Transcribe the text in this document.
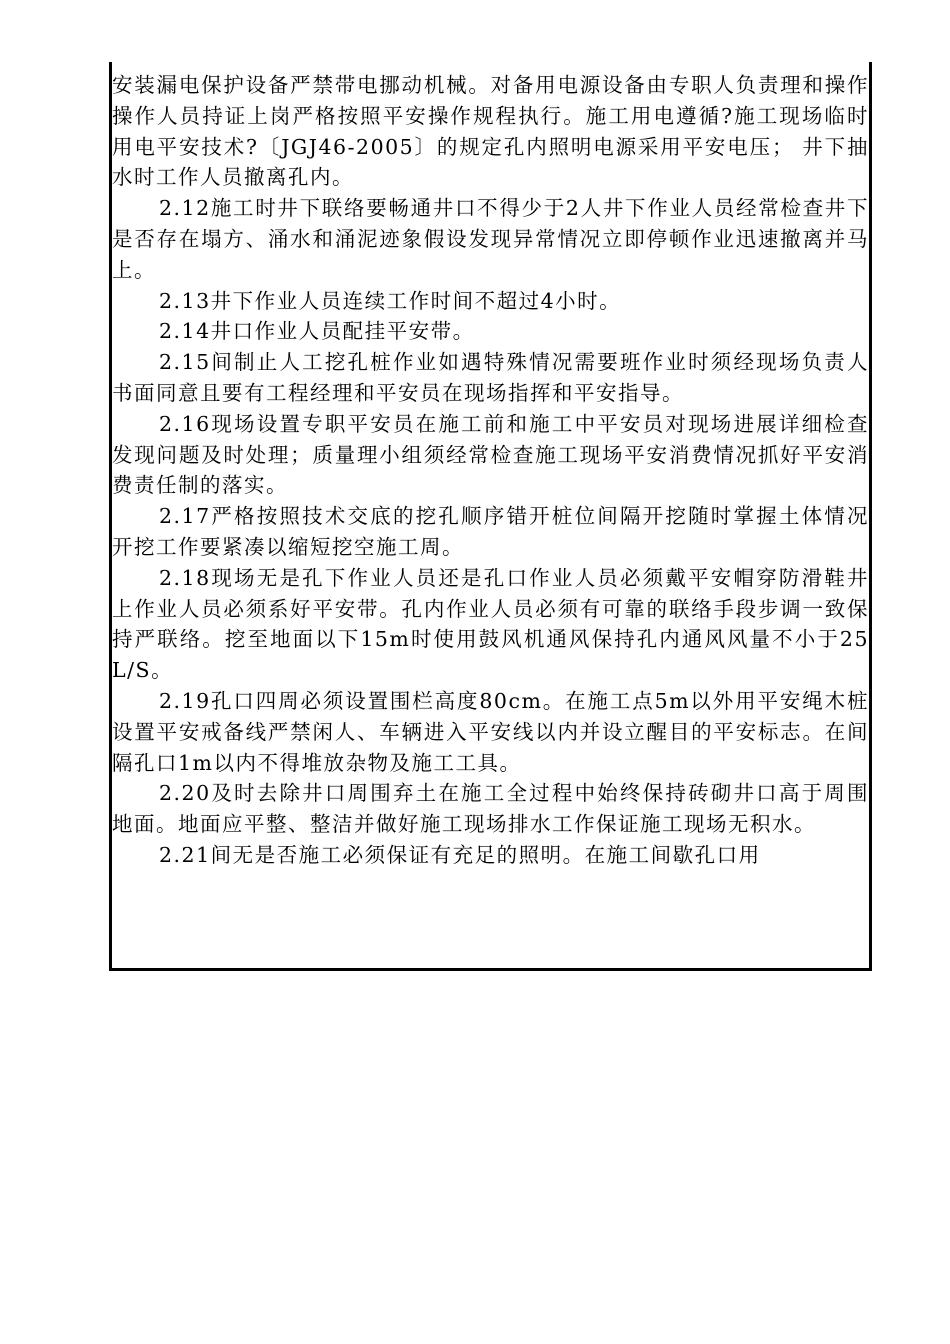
安装漏电保护设备严禁带电挪动机械。对备用电源设备由专职人负责理和操作操作人员持证上岗严格按照平安操作规程执行。施工用电遵循?施工现场临时用电平安技术?〔JGJ46-2005〕的规定孔内照明电源采用平安电压； 井下抽水时工作人员撤离孔内。

2.12施工时井下联络要畅通井口不得少于2人井下作业人员经常检查井下是否存在塌方、涌水和涌泥迹象假设发现异常情况立即停顿作业迅速撤离并马上。

2.13井下作业人员连续工作时间不超过4小时。

2.14井口作业人员配挂平安带。

2.15间制止人工挖孔桩作业如遇特殊情况需要班作业时须经现场负责人书面同意且要有工程经理和平安员在现场指挥和平安指导。

2.16现场设置专职平安员在施工前和施工中平安员对现场进展详细检查发现问题及时处理；质量理小组须经常检查施工现场平安消费情况抓好平安消费责任制的落实。

2.17严格按照技术交底的挖孔顺序错开桩位间隔开挖随时掌握土体情况开挖工作要紧凑以缩短挖空施工周。

2.18现场无是孔下作业人员还是孔口作业人员必须戴平安帽穿防滑鞋井上作业人员必须系好平安带。孔内作业人员必须有可靠的联络手段步调一致保持严联络。挖至地面以下15m时使用鼓风机通风保持孔内通风风量不小于25L/S。

2.19孔口四周必须设置围栏高度80cm。在施工点5m以外用平安绳木桩设置平安戒备线严禁闲人、车辆进入平安线以内并设立醒目的平安标志。在间隔孔口1m以内不得堆放杂物及施工工具。

2.20及时去除井口周围弃土在施工全过程中始终保持砖砌井口高于周围地面。地面应平整、整洁并做好施工现场排水工作保证施工现场无积水。

2.21间无是否施工必须保证有充足的照明。在施工间歇孔口用
